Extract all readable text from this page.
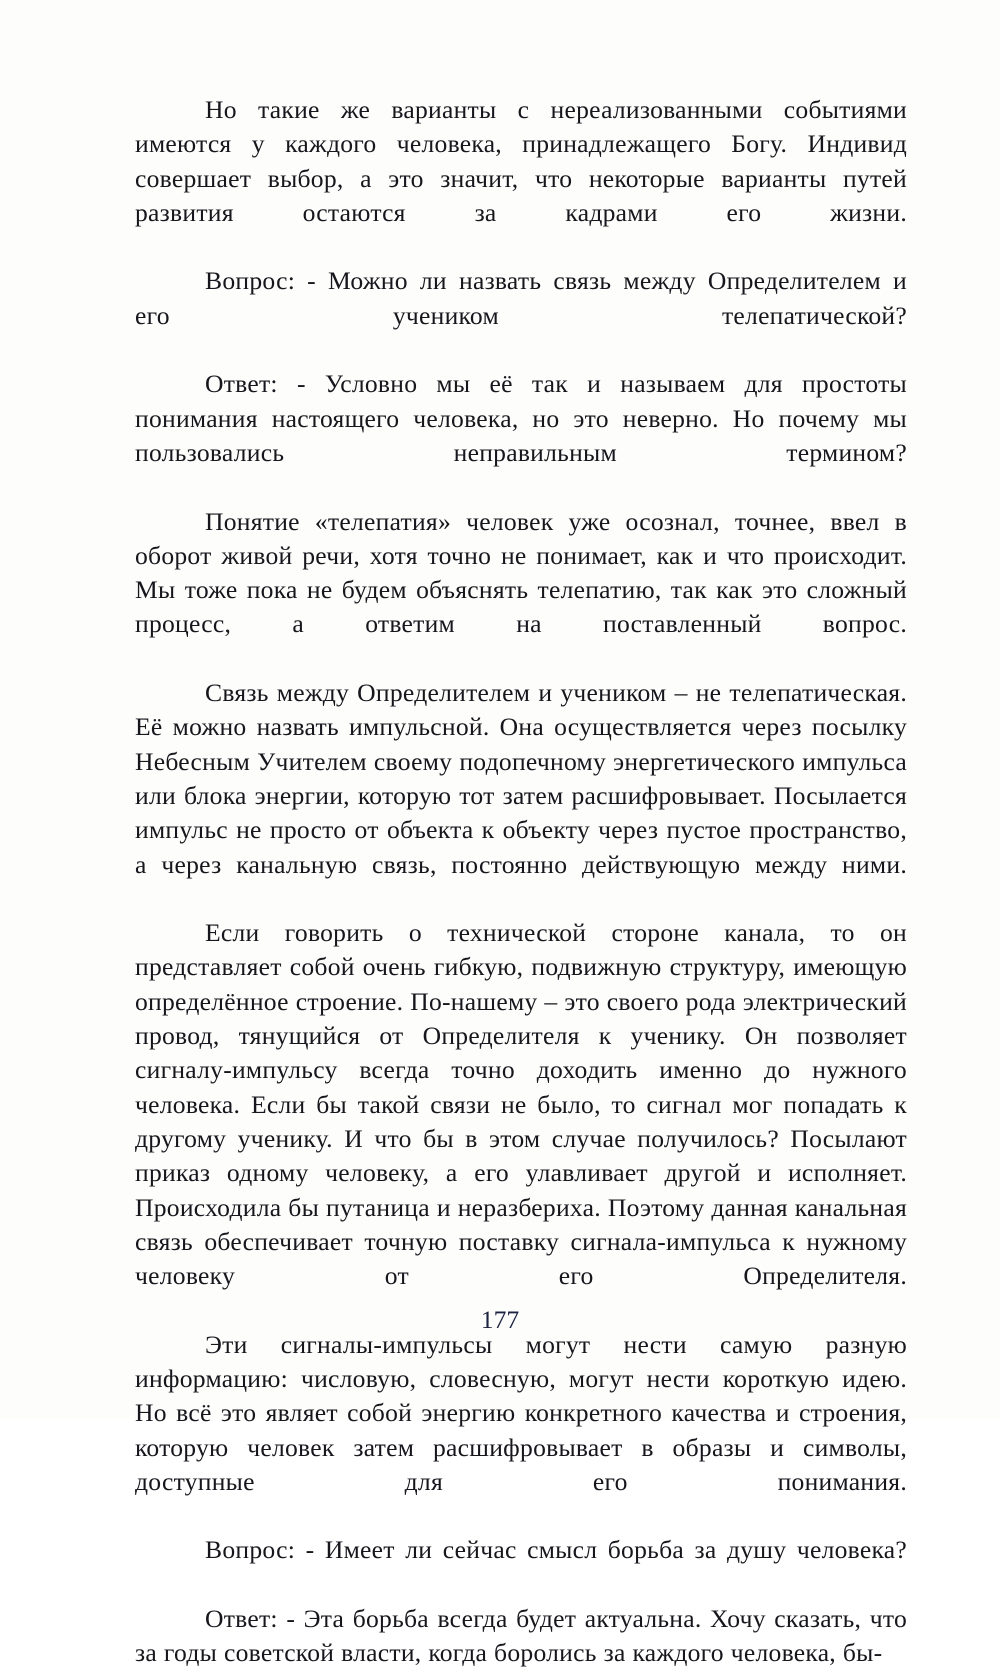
Но такие же варианты с нереализованными событиями имеются у каждого человека, принадлежащего Богу. Индивид совершает выбор, а это значит, что некоторые варианты путей развития остаются за кадрами его жизни.

Вопрос: - Можно ли назвать связь между Определителем и его учеником телепатической?

Ответ: - Условно мы её так и называем для простоты понимания настоящего человека, но это неверно. Но почему мы пользовались неправильным термином?

Понятие «телепатия» человек уже осознал, точнее, ввел в оборот живой речи, хотя точно не понимает, как и что происходит. Мы тоже пока не будем объяснять телепатию, так как это сложный процесс, а ответим на поставленный вопрос.

Связь между Определителем и учеником – не телепатическая. Её можно назвать импульсной. Она осуществляется через посылку Небесным Учителем своему подопечному энергетического импульса или блока энергии, которую тот затем расшифровывает. Посылается импульс не просто от объекта к объекту через пустое пространство, а через канальную связь, постоянно действующую между ними.

Если говорить о технической стороне канала, то он представляет собой очень гибкую, подвижную структуру, имеющую определённое строение. По-нашему – это своего рода электрический провод, тянущийся от Определителя к ученику. Он позволяет сигналу-импульсу всегда точно доходить именно до нужного человека. Если бы такой связи не было, то сигнал мог попадать к другому ученику. И что бы в этом случае получилось? Посылают приказ одному человеку, а его улавливает другой и исполняет. Происходила бы путаница и неразбериха. Поэтому данная канальная связь обеспечивает точную поставку сигнала-импульса к нужному человеку от его Определителя.

Эти сигналы-импульсы могут нести самую разную информацию: числовую, словесную, могут нести короткую идею. Но всё это являет собой энергию конкретного качества и строения, которую человек затем расшифровывает в образы и символы, доступные для его понимания.

Вопрос: - Имеет ли сейчас смысл борьба за душу человека?

Ответ: - Эта борьба всегда будет актуальна. Хочу сказать, что за годы советской власти, когда боролись за каждого человека, бы-

177
